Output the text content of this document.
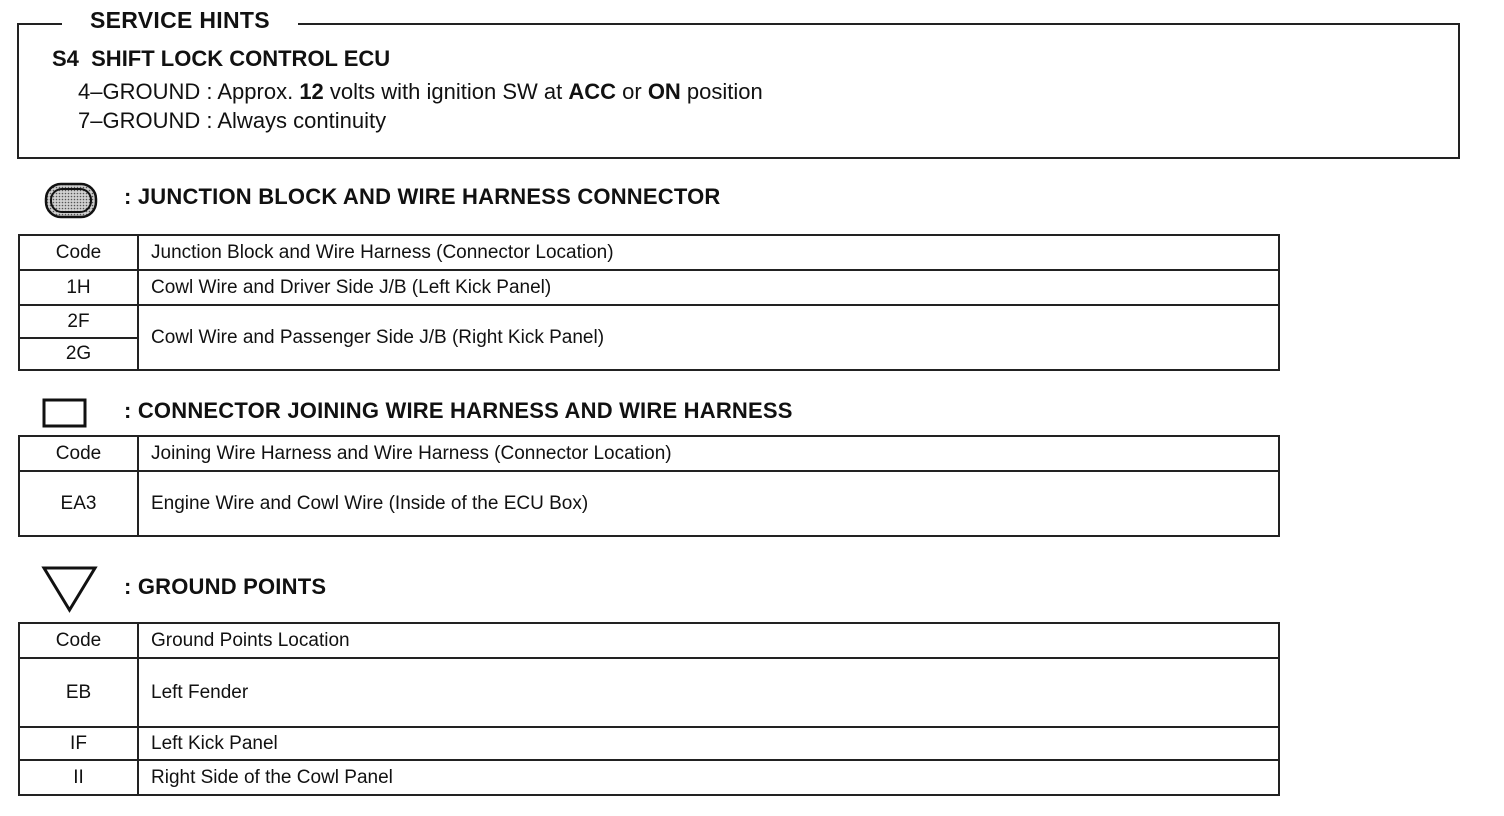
SERVICE HINTS
S4  SHIFT LOCK CONTROL ECU
4–GROUND : Approx. 12 volts with ignition SW at ACC or ON position
7–GROUND : Always continuity
: JUNCTION BLOCK AND WIRE HARNESS CONNECTOR
Code	Junction Block and Wire Harness (Connector Location)
1H	Cowl Wire and Driver Side J/B (Left Kick Panel)
2F	Cowl Wire and Passenger Side J/B (Right Kick Panel)
2G	
: CONNECTOR JOINING WIRE HARNESS AND WIRE HARNESS
Code	Joining Wire Harness and Wire Harness (Connector Location)
EA3	Engine Wire and Cowl Wire (Inside of the ECU Box)
: GROUND POINTS
Code	Ground Points Location
EB	Left Fender
IF	Left Kick Panel
II	Right Side of the Cowl Panel
